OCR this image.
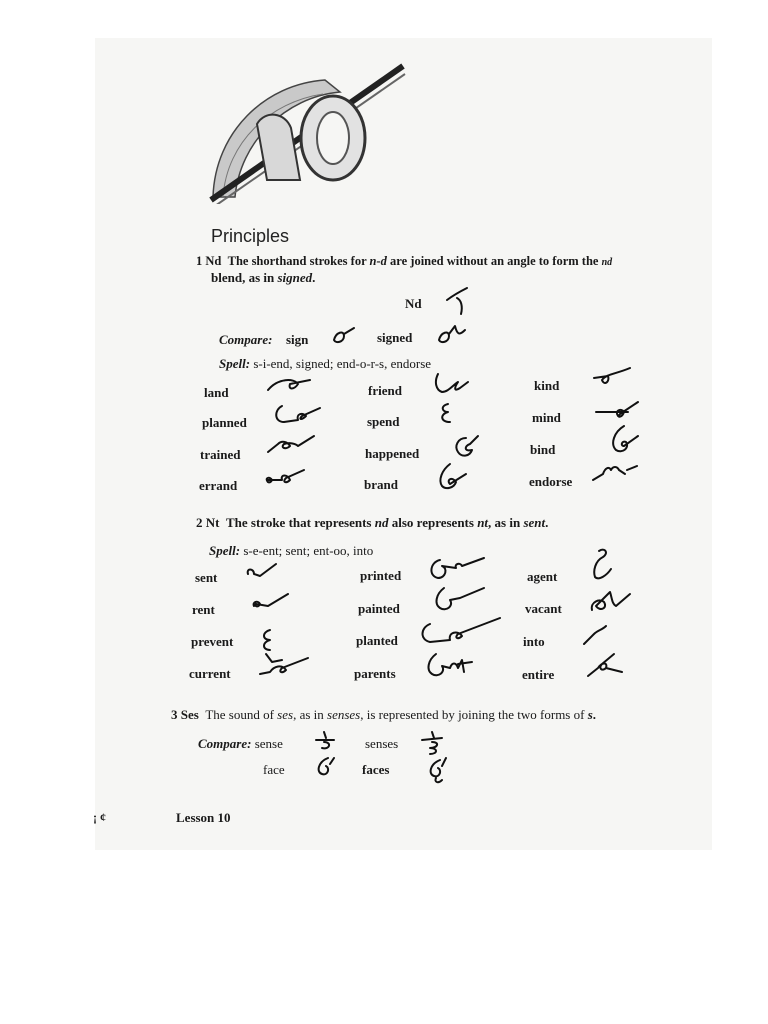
Principles
1 Nd The shorthand strokes for n-d are joined without an angle to form the nd
blend, as in signed.
Nd
Compare: sign	signed
Spell: s-i-end, signed; end-o-r-s, endorse
land	friend	kind
planned	spend	mind
trained	happened	bind
errand	brand	endorse
2 Nt The stroke that represents nd also represents nt, as in sent.
Spell: s-e-ent; sent; ent-oo, into
sent	printed	agent
rent	painted	vacant
prevent	planted	into
current	parents	entire
3 Ses The sound of ses, as in senses, is represented by joining the two forms of s.
Compare: sense	senses
face	faces
¡ ¢	Lesson 10
